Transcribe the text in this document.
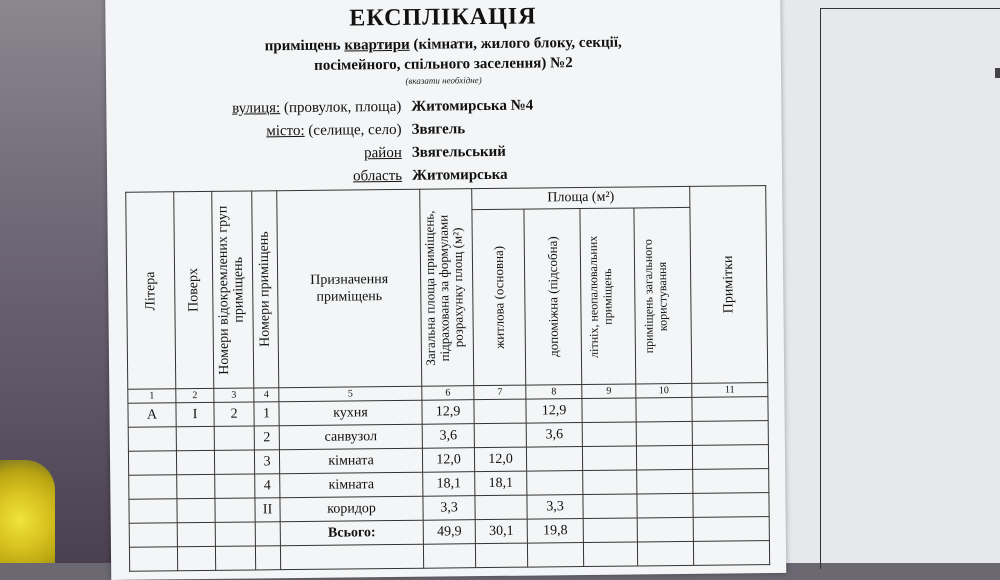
ЕКСПЛІКАЦІЯ
приміщень квартири (кімнати, жилого блоку, секції,
посімейного, спільного заселення) №2
(вказати необхідне)
вулиця: (провулок, площа) Житомирська №4
місто: (селище, село) Звягель
район Звягельський
область Житомирська
Літера	Поверх	Номери відокремлених груп приміщень	Номери приміщень	Призначення приміщень	Загальна площа приміщень, підрахована за формулами розрахунку площ (м²)	Площа (м²)				Примітки

						житлова (основна)	допоміжна (підсобна)	літніх, неопалювальних приміщень	приміщень загального користування	

1	2	3	4	5	6	7	8	9	10	11
А	І	2	1	кухня	12,9		12,9			
			2	санвузол	3,6		3,6			
			3	кімната	12,0	12,0				
			4	кімната	18,1	18,1				
			ІІ	коридор	3,3		3,3			
				Всього:	49,9	30,1	19,8			
